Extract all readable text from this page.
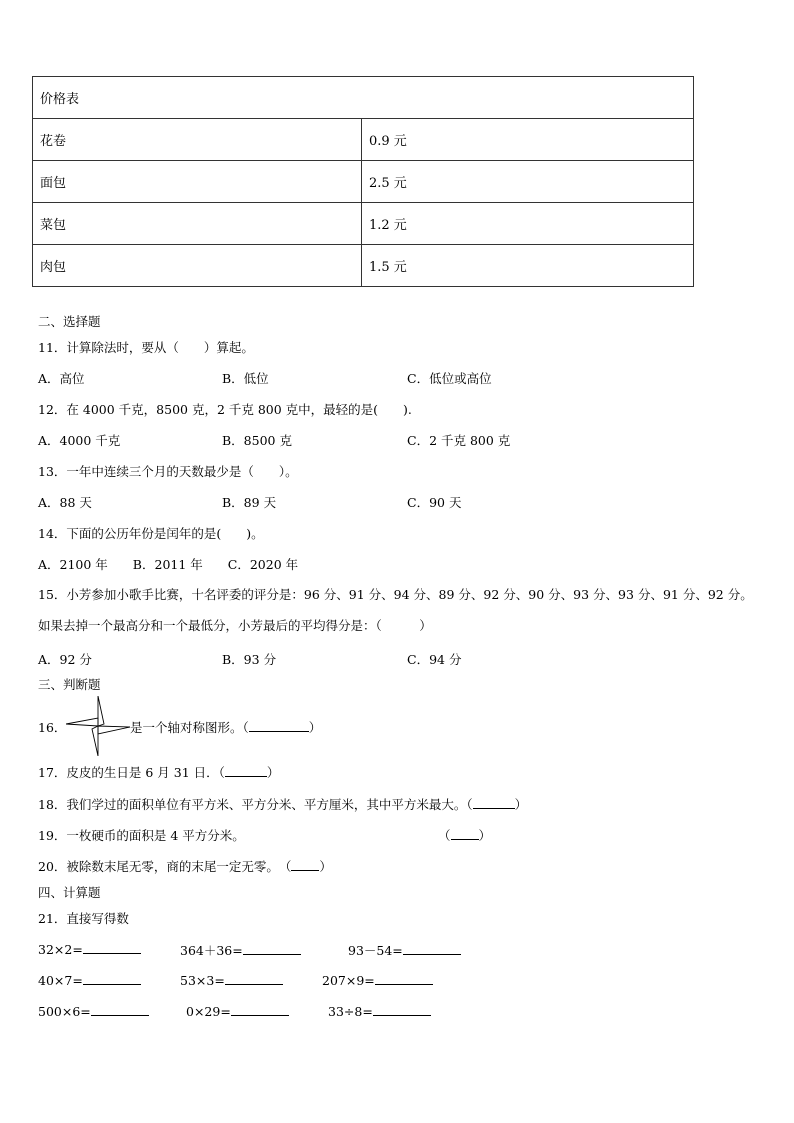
价格表	
花卷	0.9 元
面包	2.5 元
菜包	1.2 元
肉包	1.5 元
二、选择题
11．计算除法时，要从（　　）算起。
A．高位	B．低位	C．低位或高位
12．在 4000 千克，8500 克，2 千克 800 克中，最轻的是(　　).
A．4000 千克	B．8500 克	C．2 千克 800 克
13．一年中连续三个月的天数最少是（　　）。
A．88 天	B．89 天	C．90 天
14．下面的公历年份是闰年的是(　　)。
A．2100 年　　B．2011 年　　C．2020 年
15．小芳参加小歌手比赛，十名评委的评分是：96 分、91 分、94 分、89 分、92 分、90 分、93 分、93 分、91 分、92 分。如果去掉一个最高分和一个最低分，小芳最后的平均得分是：（　　　）
A．92 分	B．93 分	C．94 分
三、判断题
16．	是一个轴对称图形。（	）
17．皮皮的生日是 6 月 31 日．（	）
18．我们学过的面积单位有平方米、平方分米、平方厘米，其中平方米最大。（	）
19．一枚硬币的面积是 4 平方分米。	（ ）
20．被除数末尾无零，商的末尾一定无零。　（ ）
四、计算题
21．直接写得数
32×2=	364＋36=	93－54=
40×7=	53×3=	207×9=
500×6=	0×29=	33÷8=
